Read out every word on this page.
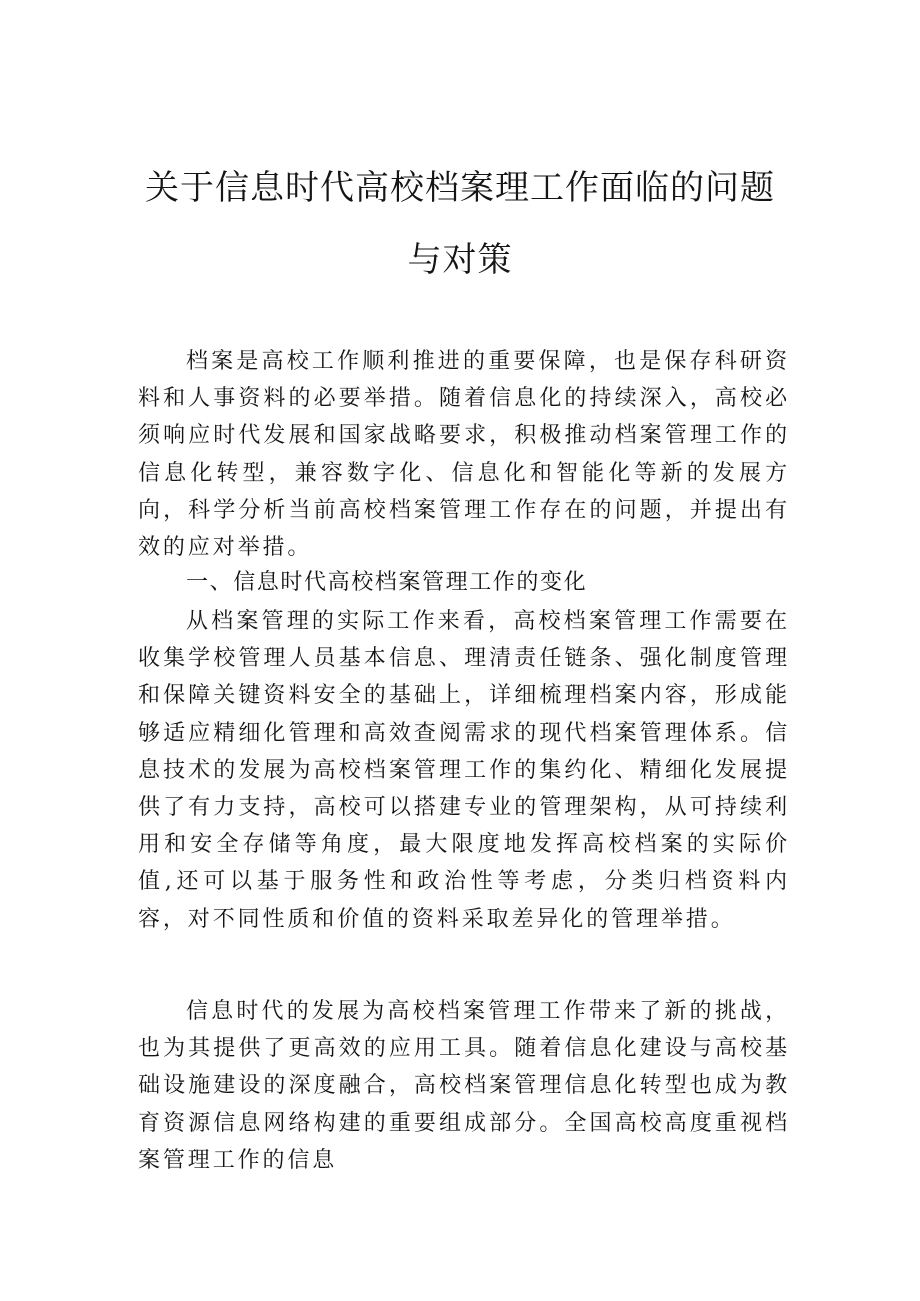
关于信息时代高校档案理工作面临的问题
与对策

档案是高校工作顺利推进的重要保障，也是保存科研资料和人事资料的必要举措。随着信息化的持续深入，高校必须响应时代发展和国家战略要求，积极推动档案管理工作的信息化转型，兼容数字化、信息化和智能化等新的发展方向，科学分析当前高校档案管理工作存在的问题，并提出有效的应对举措。

一、信息时代高校档案管理工作的变化

从档案管理的实际工作来看，高校档案管理工作需要在收集学校管理人员基本信息、理清责任链条、强化制度管理和保障关键资料安全的基础上，详细梳理档案内容，形成能够适应精细化管理和高效查阅需求的现代档案管理体系。信息技术的发展为高校档案管理工作的集约化、精细化发展提供了有力支持，高校可以搭建专业的管理架构，从可持续利用和安全存储等角度，最大限度地发挥高校档案的实际价值,还可以基于服务性和政治性等考虑，分类归档资料内容，对不同性质和价值的资料采取差异化的管理举措。

信息时代的发展为高校档案管理工作带来了新的挑战，也为其提供了更高效的应用工具。随着信息化建设与高校基础设施建设的深度融合，高校档案管理信息化转型也成为教育资源信息网络构建的重要组成部分。全国高校高度重视档案管理工作的信息
